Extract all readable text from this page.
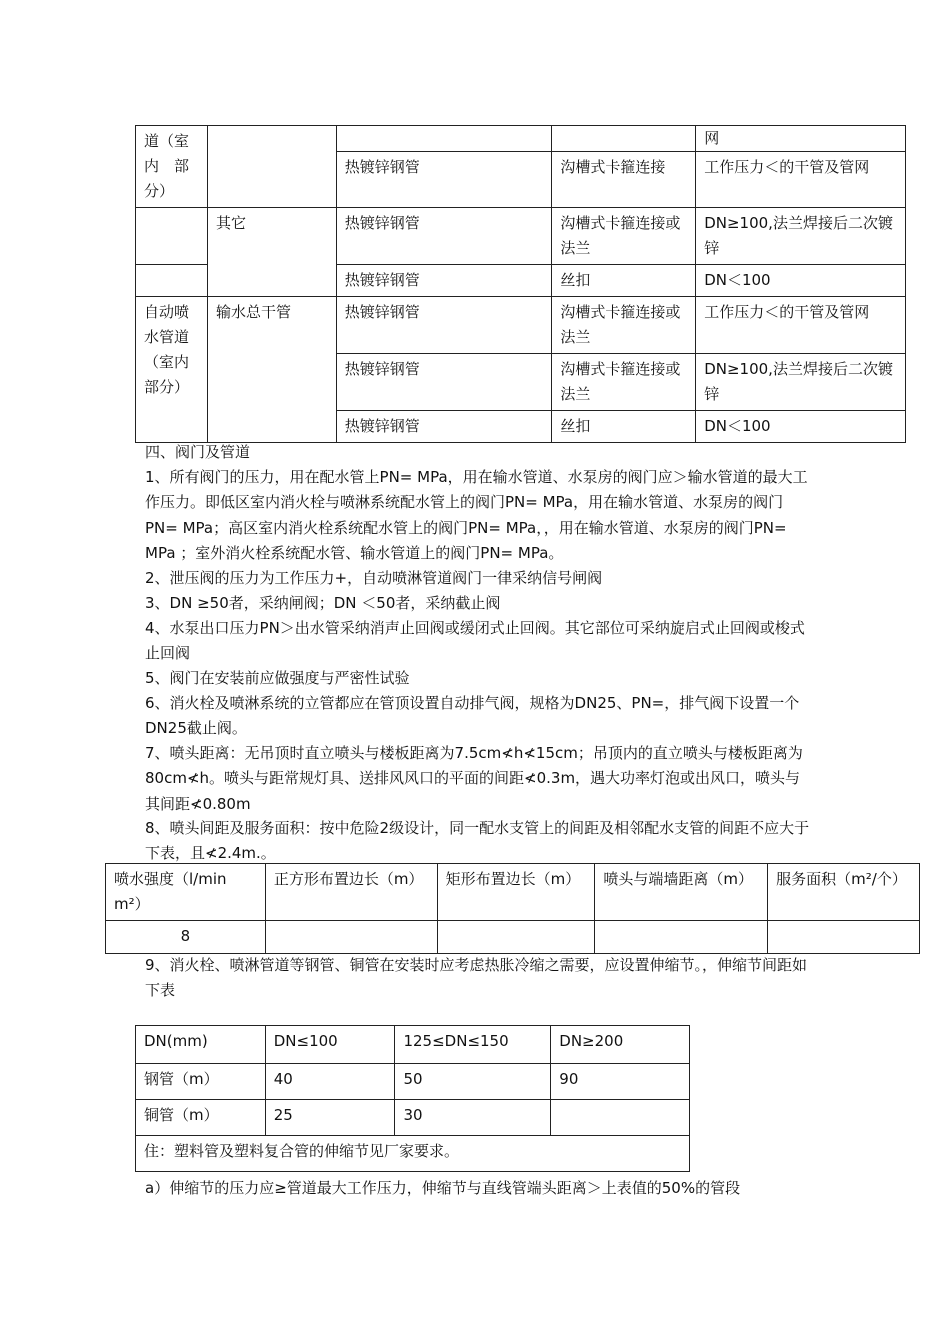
道（室内　部分）				网
		热镀锌钢管	沟槽式卡箍连接	工作压力＜的干管及管网
	其它	热镀锌钢管	沟槽式卡箍连接或法兰	DN≥100,法兰焊接后二次镀锌
		热镀锌钢管	丝扣	DN＜100
自动喷水管道（室内部分）	输水总干管	热镀锌钢管	沟槽式卡箍连接或法兰	工作压力＜的干管及管网
		热镀锌钢管	沟槽式卡箍连接或法兰	DN≥100,法兰焊接后二次镀锌
		热镀锌钢管	丝扣	DN＜100
四、阀门及管道
1、所有阀门的压力，用在配水管上PN= MPa，用在输水管道、水泵房的阀门应＞输水管道的最大工作压力。即低区室内消火栓与喷淋系统配水管上的阀门PN= MPa，用在输水管道、水泵房的阀门PN= MPa；高区室内消火栓系统配水管上的阀门PN= MPa，，用在输水管道、水泵房的阀门PN= MPa ；室外消火栓系统配水管、输水管道上的阀门PN= MPa。
2、泄压阀的压力为工作压力+，自动喷淋管道阀门一律采纳信号闸阀
3、DN ≥50者，采纳闸阀；DN ＜50者，采纳截止阀
4、水泵出口压力PN＞出水管采纳消声止回阀或缓闭式止回阀。其它部位可采纳旋启式止回阀或梭式止回阀
5、阀门在安装前应做强度与严密性试验
6、消火栓及喷淋系统的立管都应在管顶设置自动排气阀，规格为DN25、PN=，排气阀下设置一个DN25截止阀。
7、喷头距离：无吊顶时直立喷头与楼板距离为7.5cm≮h≮15cm；吊顶内的直立喷头与楼板距离为80cm≮h。喷头与距常规灯具、送排风风口的平面的间距≮0.3m，遇大功率灯泡或出风口，喷头与其间距≮0.80m
8、喷头间距及服务面积：按中危险2级设计，同一配水支管上的间距及相邻配水支管的间距不应大于下表，且≮2.4m.。
喷水强度（l/min m²）	正方形布置边长（m）	矩形布置边长（m）	喷头与端墙距离（m）	服务面积（m²/个）
8				
9、消火栓、喷淋管道等钢管、铜管在安装时应考虑热胀冷缩之需要，应设置伸缩节。，伸缩节间距如下表
DN(mm)	DN≤100	125≤DN≤150	DN≥200
钢管（m）	40	50	90
铜管（m）	25	30	
住：塑料管及塑料复合管的伸缩节见厂家要求。			
a）伸缩节的压力应≥管道最大工作压力，伸缩节与直线管端头距离＞上表值的50%的管段
